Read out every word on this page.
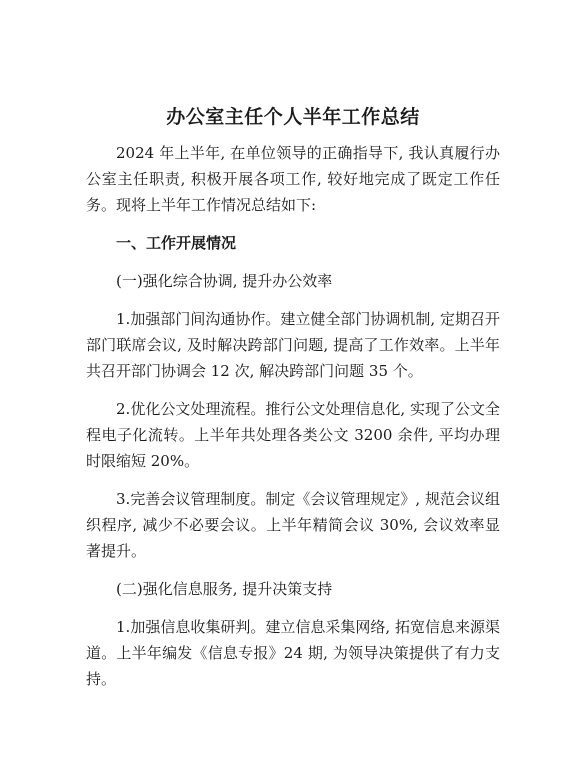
办公室主任个人半年工作总结

2024 年上半年, 在单位领导的正确指导下, 我认真履行办公室主任职责, 积极开展各项工作, 较好地完成了既定工作任务。现将上半年工作情况总结如下:

一、工作开展情况

(一)强化综合协调, 提升办公效率

1.加强部门间沟通协作。建立健全部门协调机制, 定期召开部门联席会议, 及时解决跨部门问题, 提高了工作效率。上半年共召开部门协调会 12 次, 解决跨部门问题 35 个。

2.优化公文处理流程。推行公文处理信息化, 实现了公文全程电子化流转。上半年共处理各类公文 3200 余件, 平均办理时限缩短 20%。

3.完善会议管理制度。制定《会议管理规定》, 规范会议组织程序, 减少不必要会议。上半年精简会议 30%, 会议效率显著提升。

(二)强化信息服务, 提升决策支持

1.加强信息收集研判。建立信息采集网络, 拓宽信息来源渠道。上半年编发《信息专报》24 期, 为领导决策提供了有力支持。
